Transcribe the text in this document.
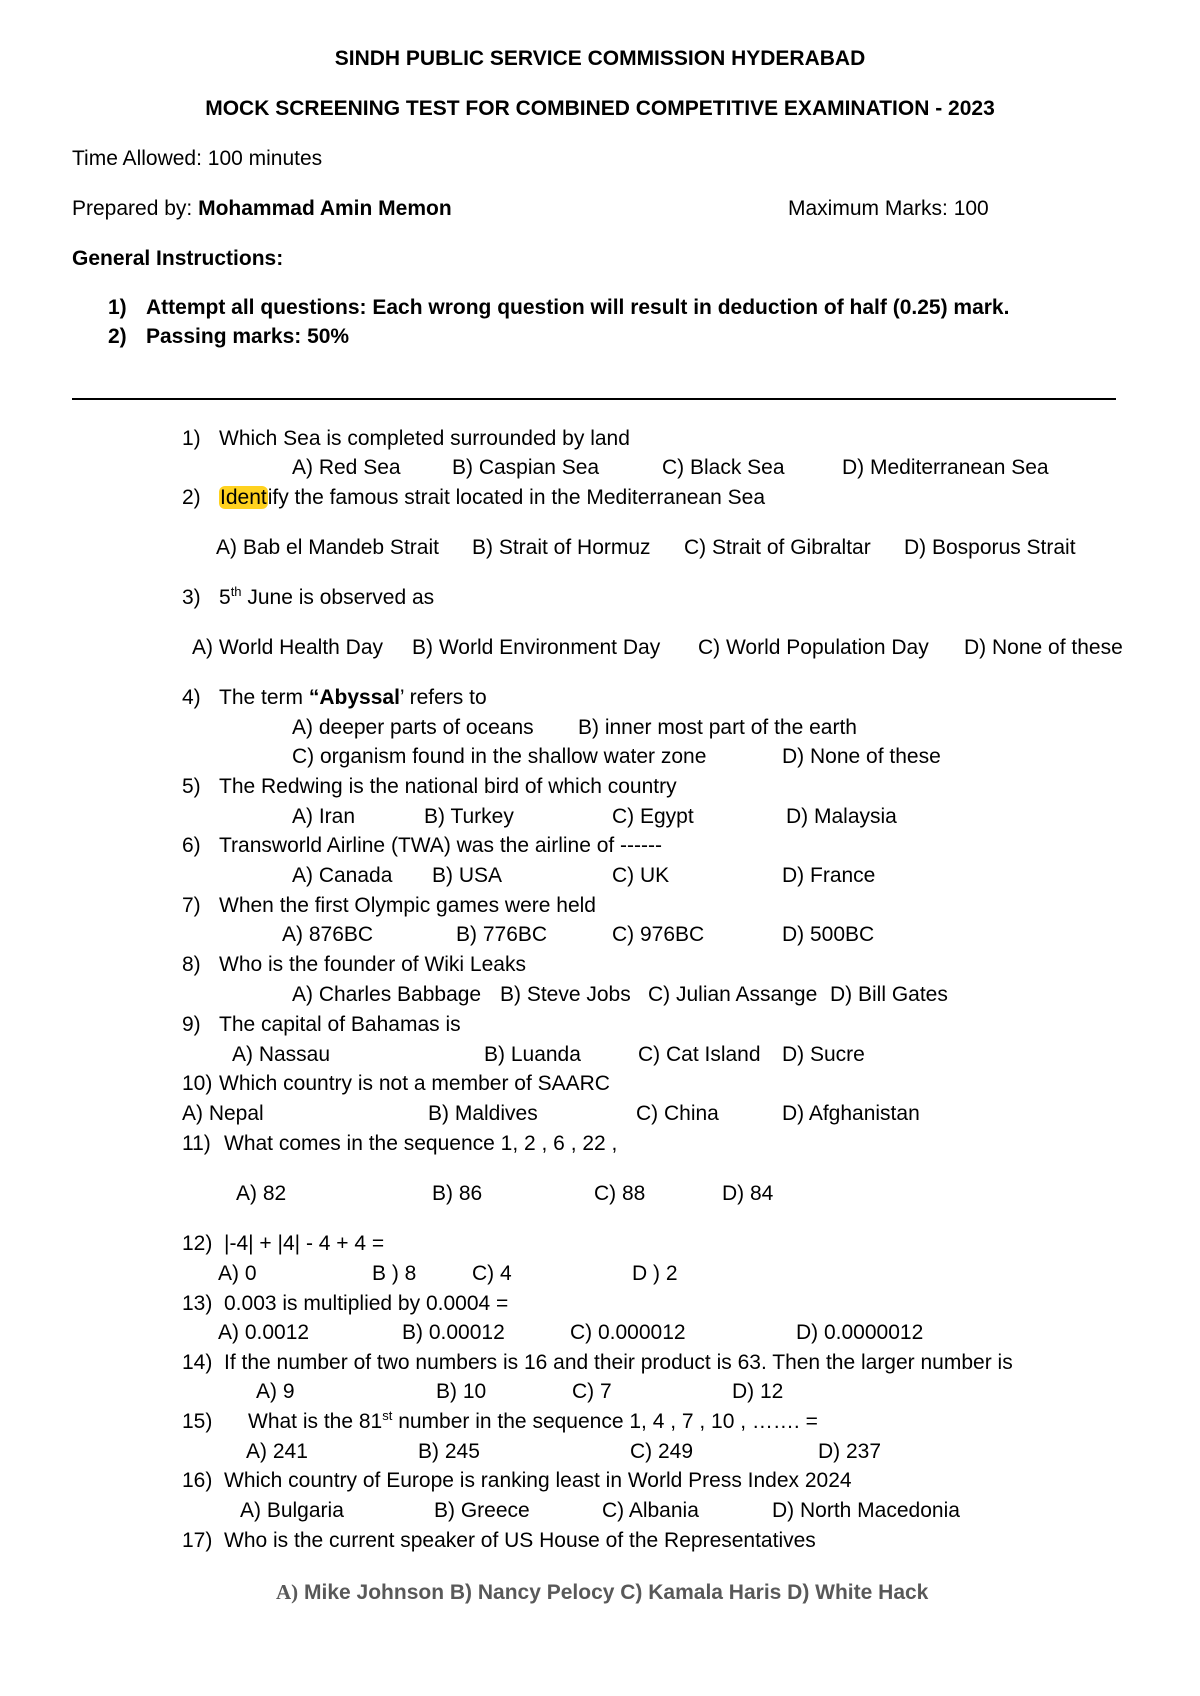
SINDH PUBLIC SERVICE COMMISSION HYDERABAD
MOCK SCREENING TEST FOR COMBINED COMPETITIVE EXAMINATION - 2023
Time Allowed: 100 minutes
Prepared by: Mohammad Amin Memon	Maximum Marks: 100
General Instructions:
1) Attempt all questions: Each wrong question will result in deduction of half (0.25) mark.
2) Passing marks: 50%
1) Which Sea is completed surrounded by land
A) Red Sea B) Caspian Sea	C) Black Sea	D) Mediterranean Sea
2) Identify the famous strait located in the Mediterranean Sea
A) Bab el Mandeb Strait B) Strait of Hormuz C) Strait of Gibraltar D) Bosporus Strait
3) 5th June is observed as
A) World Health Day B) World Environment Day C) World Population Day D) None of these
4) The term “Abyssal’ refers to
A) deeper parts of oceans B) inner most part of the earth
C) organism found in the shallow water zone	D) None of these
5) The Redwing is the national bird of which country
A) Iran	B) Turkey	C) Egypt	D) Malaysia
6) Transworld Airline (TWA) was the airline of ------
A) Canada B) USA	C) UK	D) France
7) When the first Olympic games were held
A) 876BC	B) 776BC	C) 976BC	D) 500BC
8) Who is the founder of Wiki Leaks
A) Charles Babbage B) Steve Jobs C) Julian Assange D) Bill Gates
9) The capital of Bahamas is
A) Nassau	B) Luanda	C) Cat Island D) Sucre
10) Which country is not a member of SAARC
A) Nepal	B) Maldives	C) China	D) Afghanistan
11) What comes in the sequence 1, 2 , 6 , 22 ,
A) 82	B) 86	C) 88	D) 84
12) |-4| + |4| - 4 + 4 =
A) 0	B ) 8	C) 4	D ) 2
13) 0.003 is multiplied by 0.0004 =
A) 0.0012	B) 0.00012	C) 0.000012	D) 0.0000012
14) If the number of two numbers is 16 and their product is 63. Then the larger number is
A) 9	B) 10	C) 7	D) 12
15) What is the 81st number in the sequence 1, 4 , 7 , 10 , ……. =
A) 241	B) 245	C) 249	D) 237
16) Which country of Europe is ranking least in World Press Index 2024
A) Bulgaria	B) Greece	C) Albania	D) North Macedonia
17) Who is the current speaker of US House of the Representatives
A) Mike Johnson B) Nancy Pelocy C) Kamala Haris D) White Hack
